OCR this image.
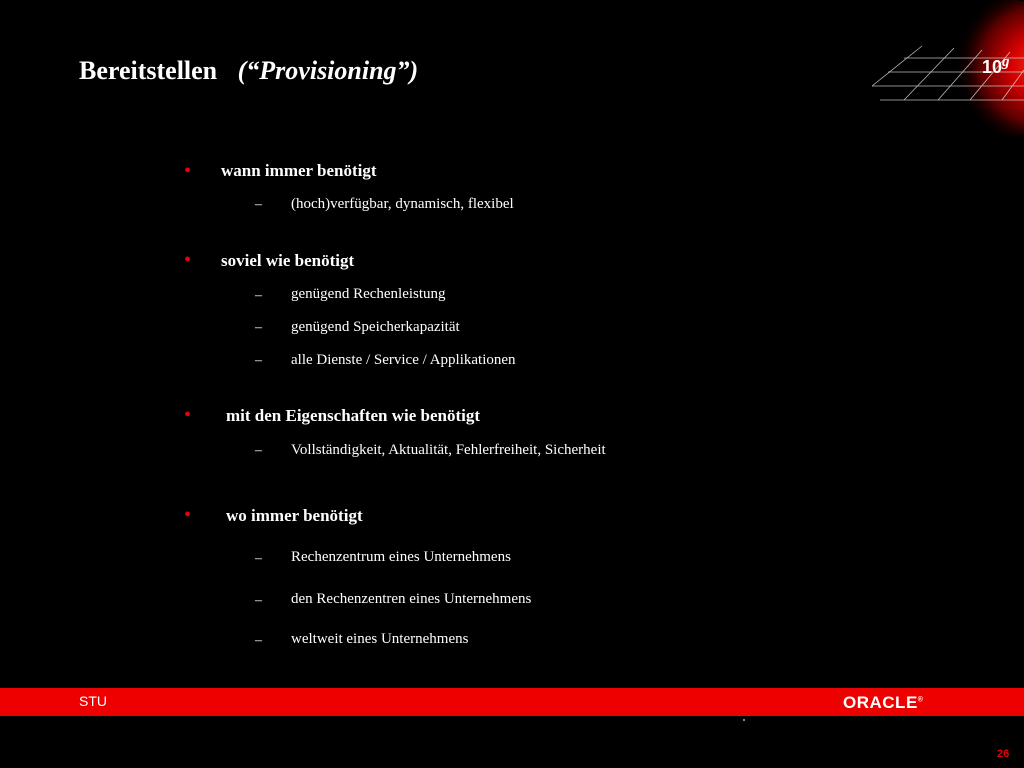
Bereitstellen (“Provisioning”)	10$^g$
• wann immer benötigt
– (hoch)verfügbar, dynamisch, flexibel
• soviel wie benötigt
– genügend Rechenleistung
– genügend Speicherkapazität
– alle Dienste / Service / Applikationen
• mit den Eigenschaften wie benötigt
– Vollständigkeit, Aktualität, Fehlerfreiheit, Sicherheit
• wo immer benötigt
– Rechenzentrum eines Unternehmens
– den Rechenzentren eines Unternehmens
– weltweit eines Unternehmens
STU	ORACLE®
26
